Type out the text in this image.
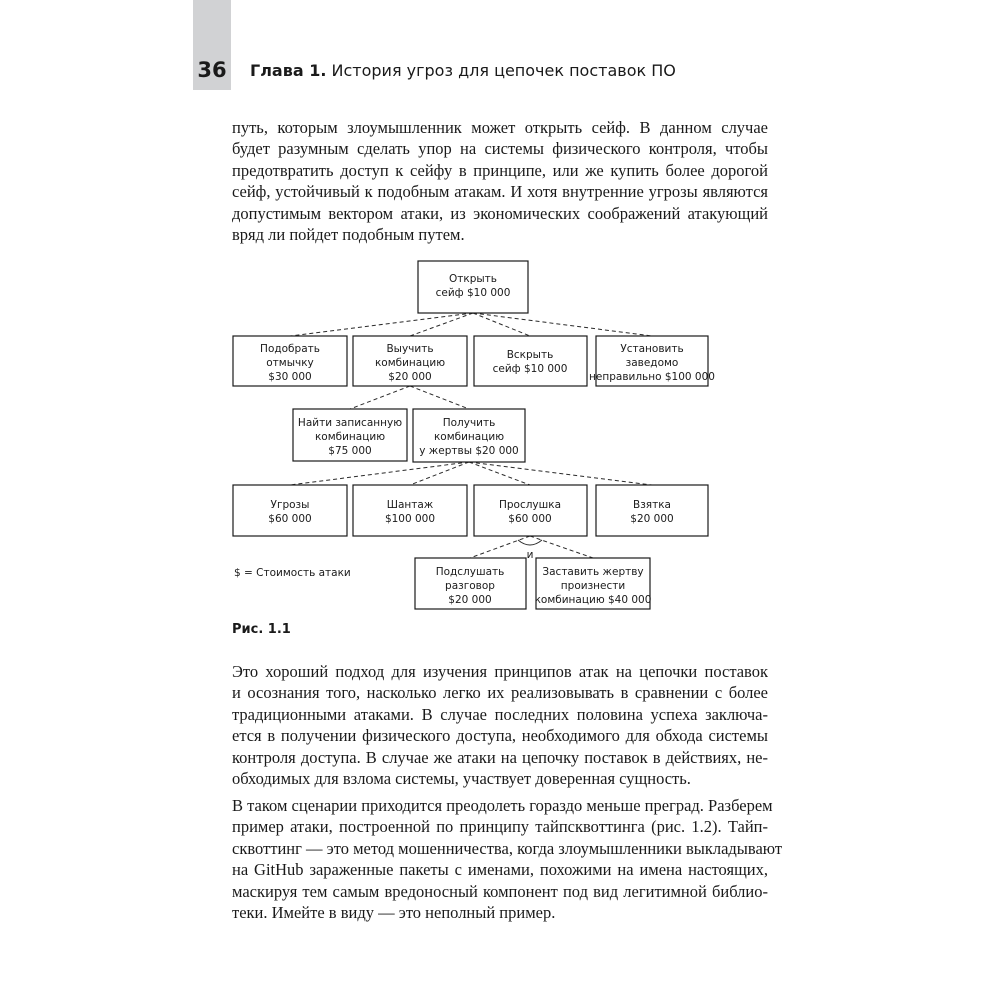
36 Глава 1. История угроз для цепочек поставок ПО

путь, которым злоумышленник может открыть сейф. В данном случае
будет разумным сделать упор на системы физического контроля, чтобы
предотвратить доступ к сейфу в принципе, или же купить более дорогой
сейф, устойчивый к подобным атакам. И хотя внутренние угрозы являются
допустимым вектором атаки, из экономических соображений атакующий
вряд ли пойдет подобным путем.

и
Открыть
сейф $10 000
Подобрать
отмычку
$30 000
Выучить
комбинацию
$20 000
Вскрыть
сейф $10 000
Установить
заведомо
неправильно $100 000
Найти записанную
комбинацию
$75 000
Получить
комбинацию
у жертвы $20 000
Угрозы
$60 000
Шантаж
$100 000
Прослушка
$60 000
Взятка
$20 000
Подслушать
разговор
$20 000
Заставить жертву
произнести
комбинацию $40 000
$ = Стоимость атаки
Рис. 1.1

Это хороший подход для изучения принципов атак на цепочки поставок
и осознания того, насколько легко их реализовывать в сравнении с более
традиционными атаками. В случае последних половина успеха заключа-
ется в получении физического доступа, необходимого для обхода системы
контроля доступа. В случае же атаки на цепочку поставок в действиях, не-
обходимых для взлома системы, участвует доверенная сущность.

В таком сценарии приходится преодолеть гораздо меньше преград. Разберем
пример атаки, построенной по принципу тайпсквоттинга (рис. 1.2). Тайп-
сквоттинг — это метод мошенничества, когда злоумышленники выкладывают
на GitHub зараженные пакеты с именами, похожими на имена настоящих,
маскируя тем самым вредоносный компонент под вид легитимной библио-
теки. Имейте в виду — это неполный пример.
